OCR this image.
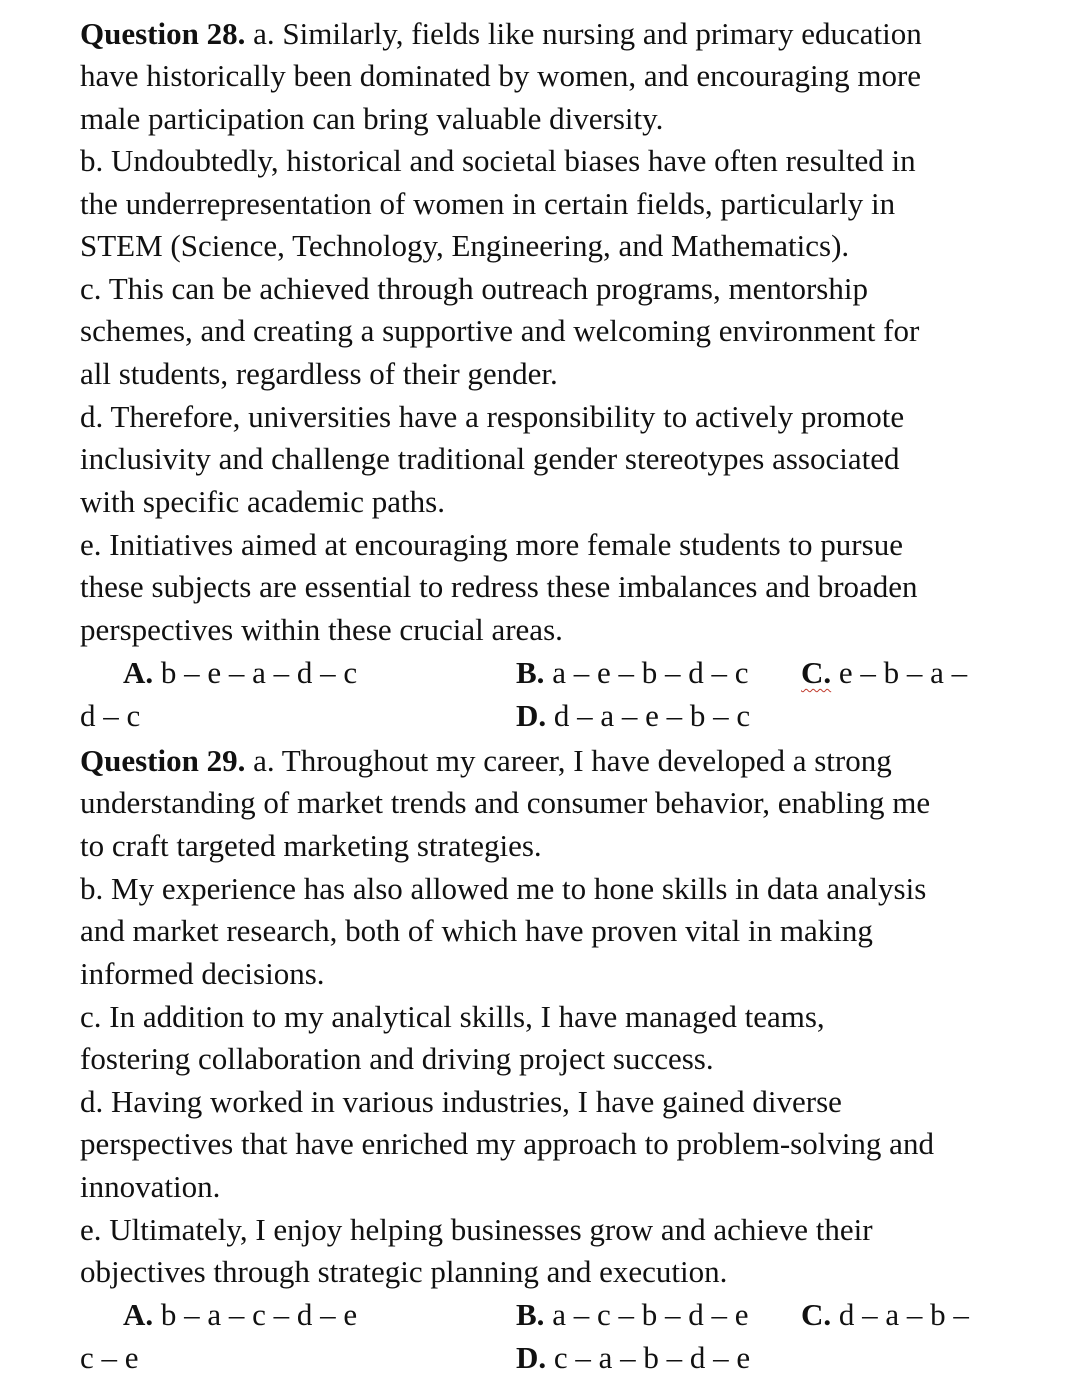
Question 28. a. Similarly, fields like nursing and primary education
have historically been dominated by women, and encouraging more
male participation can bring valuable diversity.
b. Undoubtedly, historical and societal biases have often resulted in
the underrepresentation of women in certain fields, particularly in
STEM (Science, Technology, Engineering, and Mathematics).
c. This can be achieved through outreach programs, mentorship
schemes, and creating a supportive and welcoming environment for
all students, regardless of their gender.
d. Therefore, universities have a responsibility to actively promote
inclusivity and challenge traditional gender stereotypes associated
with specific academic paths.
e. Initiatives aimed at encouraging more female students to pursue
these subjects are essential to redress these imbalances and broaden
perspectives within these crucial areas.
A. b – e – a – d – c	B. a – e – b – d – c C. e – b – a –
d – c	D. d – a – e – b – c
Question 29. a. Throughout my career, I have developed a strong
understanding of market trends and consumer behavior, enabling me
to craft targeted marketing strategies.
b. My experience has also allowed me to hone skills in data analysis
and market research, both of which have proven vital in making
informed decisions.
c. In addition to my analytical skills, I have managed teams,
fostering collaboration and driving project success.
d. Having worked in various industries, I have gained diverse
perspectives that have enriched my approach to problem-solving and
innovation.
e. Ultimately, I enjoy helping businesses grow and achieve their
objectives through strategic planning and execution.
A. b – a – c – d – e	B. a – c – b – d – e C. d – a – b –
c – e	D. c – a – b – d – e
